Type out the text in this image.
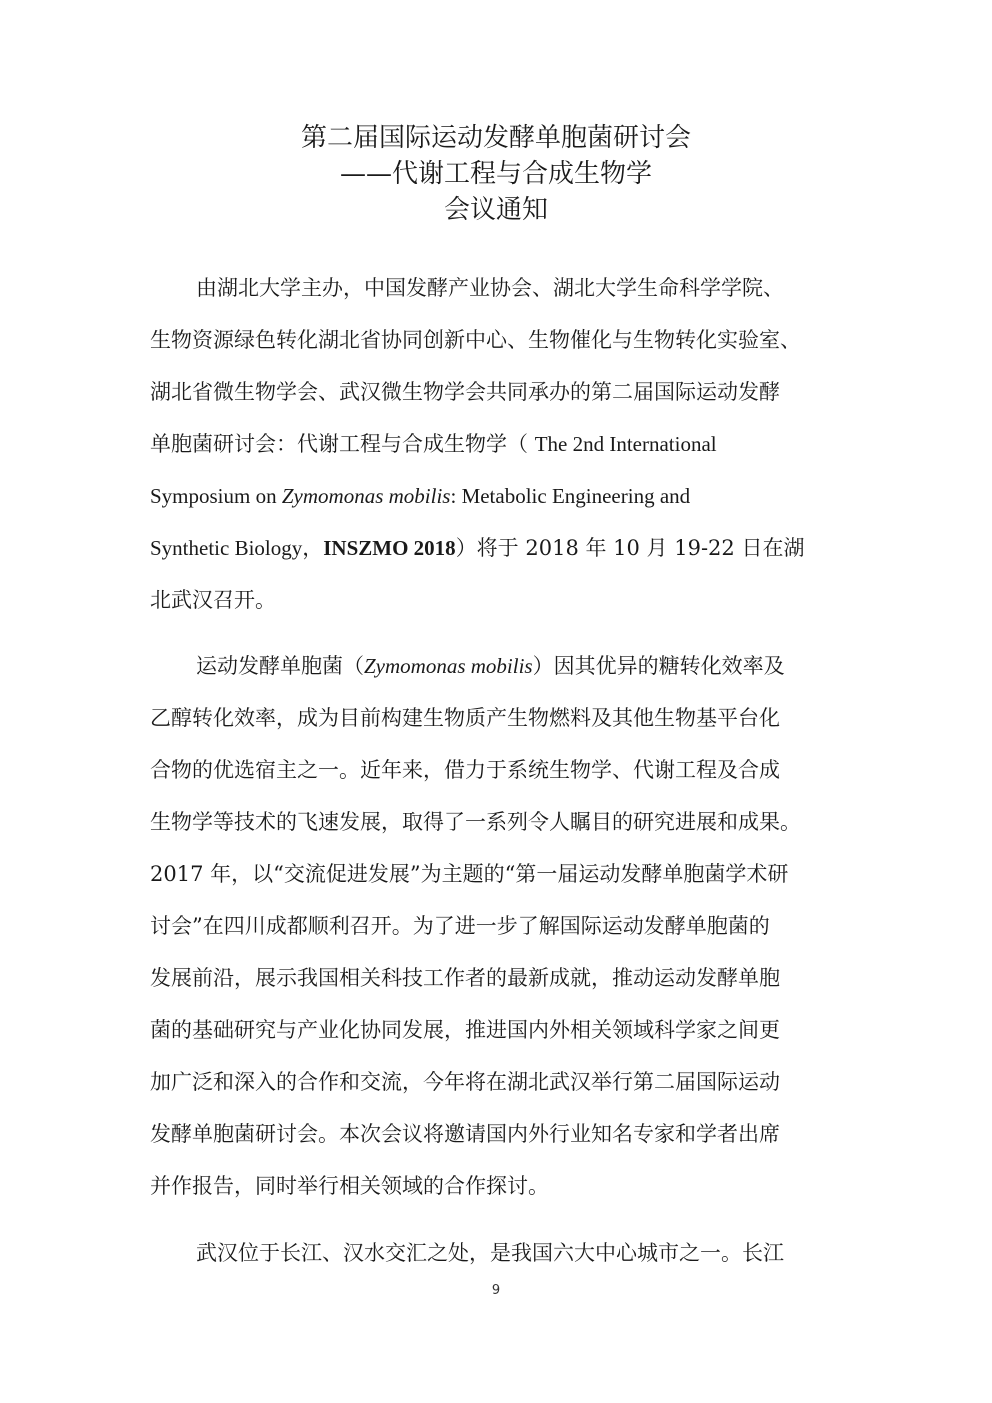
第二届国际运动发酵单胞菌研讨会
——代谢工程与合成生物学
会议通知
由湖北大学主办，中国发酵产业协会、湖北大学生命科学学院、
生物资源绿色转化湖北省协同创新中心、生物催化与生物转化实验室、
湖北省微生物学会、武汉微生物学会共同承办的第二届国际运动发酵
单胞菌研讨会：代谢工程与合成生物学（ The 2nd International
Symposium on Zymomonas mobilis: Metabolic Engineering and
Synthetic Biology，INSZMO 2018）将于 2018 年 10 月 19-22 日在湖
北武汉召开。
运动发酵单胞菌（Zymomonas mobilis）因其优异的糖转化效率及
乙醇转化效率，成为目前构建生物质产生物燃料及其他生物基平台化
合物的优选宿主之一。近年来，借力于系统生物学、代谢工程及合成
生物学等技术的飞速发展，取得了一系列令人瞩目的研究进展和成果。
2017 年，以“交流促进发展”为主题的“第一届运动发酵单胞菌学术研
讨会”在四川成都顺利召开。为了进一步了解国际运动发酵单胞菌的
发展前沿，展示我国相关科技工作者的最新成就，推动运动发酵单胞
菌的基础研究与产业化协同发展，推进国内外相关领域科学家之间更
加广泛和深入的合作和交流，今年将在湖北武汉举行第二届国际运动
发酵单胞菌研讨会。本次会议将邀请国内外行业知名专家和学者出席
并作报告，同时举行相关领域的合作探讨。
武汉位于长江、汉水交汇之处，是我国六大中心城市之一。长江
9
